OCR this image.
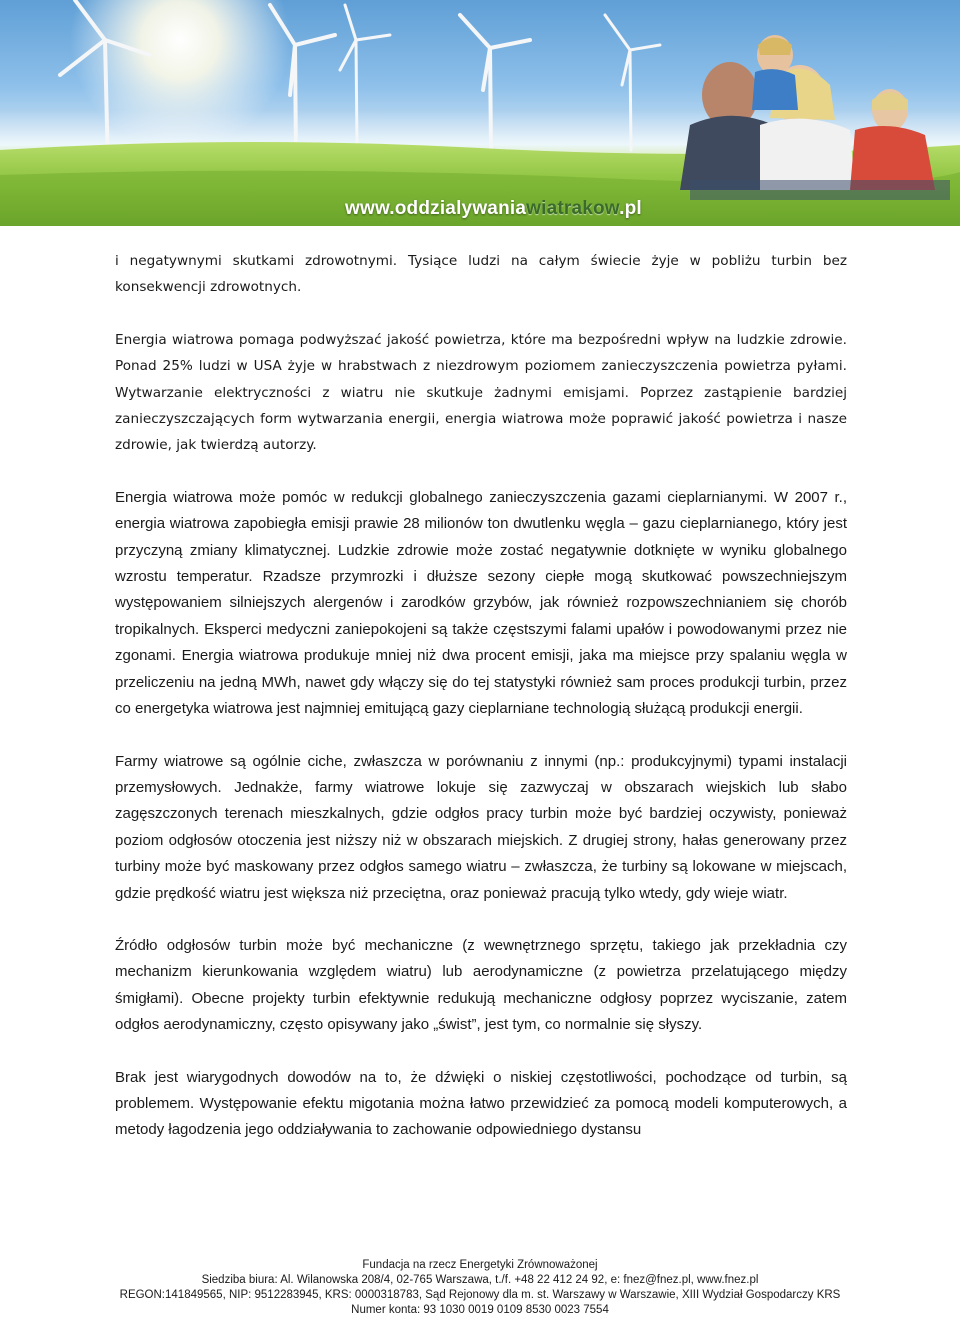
www.oddzialywaniawiatrakow.pl

i negatywnymi skutkami zdrowotnymi. Tysiące ludzi na całym świecie żyje w pobliżu turbin bez konsekwencji zdrowotnych.

Energia wiatrowa pomaga podwyższać jakość powietrza, które ma bezpośredni wpływ na ludzkie zdrowie. Ponad 25% ludzi w USA żyje w hrabstwach z niezdrowym poziomem zanieczyszczenia powietrza pyłami. Wytwarzanie elektryczności z wiatru nie skutkuje żadnymi emisjami. Poprzez zastąpienie bardziej zanieczyszczających form wytwarzania energii, energia wiatrowa może poprawić jakość powietrza i nasze zdrowie, jak twierdzą autorzy.

Energia wiatrowa może pomóc w redukcji globalnego zanieczyszczenia gazami cieplarnianymi. W 2007 r., energia wiatrowa zapobiegła emisji prawie 28 milionów ton dwutlenku węgla – gazu cieplarnianego, który jest przyczyną zmiany klimatycznej. Ludzkie zdrowie może zostać negatywnie dotknięte w wyniku globalnego wzrostu temperatur. Rzadsze przymrozki i dłuższe sezony ciepłe mogą skutkować powszechniejszym występowaniem silniejszych alergenów i zarodków grzybów, jak również rozpowszechnianiem się chorób tropikalnych. Eksperci medyczni zaniepokojeni są także częstszymi falami upałów i powodowanymi przez nie zgonami. Energia wiatrowa produkuje mniej niż dwa procent emisji, jaka ma miejsce przy spalaniu węgla w przeliczeniu na jedną MWh, nawet gdy włączy się do tej statystyki również sam proces produkcji turbin, przez co energetyka wiatrowa jest najmniej emitującą gazy cieplarniane technologią służącą produkcji energii.

Farmy wiatrowe są ogólnie ciche, zwłaszcza w porównaniu z innymi (np.: produkcyjnymi) typami instalacji przemysłowych. Jednakże, farmy wiatrowe lokuje się zazwyczaj w obszarach wiejskich lub słabo zagęszczonych terenach mieszkalnych, gdzie odgłos pracy turbin może być bardziej oczywisty, ponieważ poziom odgłosów otoczenia jest niższy niż w obszarach miejskich. Z drugiej strony, hałas generowany przez turbiny może być maskowany przez odgłos samego wiatru – zwłaszcza, że turbiny są lokowane w miejscach, gdzie prędkość wiatru jest większa niż przeciętna, oraz ponieważ pracują tylko wtedy, gdy wieje wiatr.

Źródło odgłosów turbin może być mechaniczne (z wewnętrznego sprzętu, takiego jak przekładnia czy mechanizm kierunkowania względem wiatru) lub aerodynamiczne (z powietrza przelatującego między śmigłami). Obecne projekty turbin efektywnie redukują mechaniczne odgłosy poprzez wyciszanie, zatem odgłos aerodynamiczny, często opisywany jako „świst”, jest tym, co normalnie się słyszy.

Brak jest wiarygodnych dowodów na to, że dźwięki o niskiej częstotliwości, pochodzące od turbin, są problemem. Występowanie efektu migotania można łatwo przewidzieć za pomocą modeli komputerowych, a metody łagodzenia jego oddziaływania to zachowanie odpowiedniego dystansu

Fundacja na rzecz Energetyki Zrównoważonej
Siedziba biura: Al. Wilanowska 208/4, 02-765 Warszawa, t./f. +48 22 412 24 92, e: fnez@fnez.pl, www.fnez.pl
REGON:141849565, NIP: 9512283945, KRS: 0000318783, Sąd Rejonowy dla m. st. Warszawy w Warszawie, XIII Wydział Gospodarczy KRS
Numer konta: 93 1030 0019 0109 8530 0023 7554
